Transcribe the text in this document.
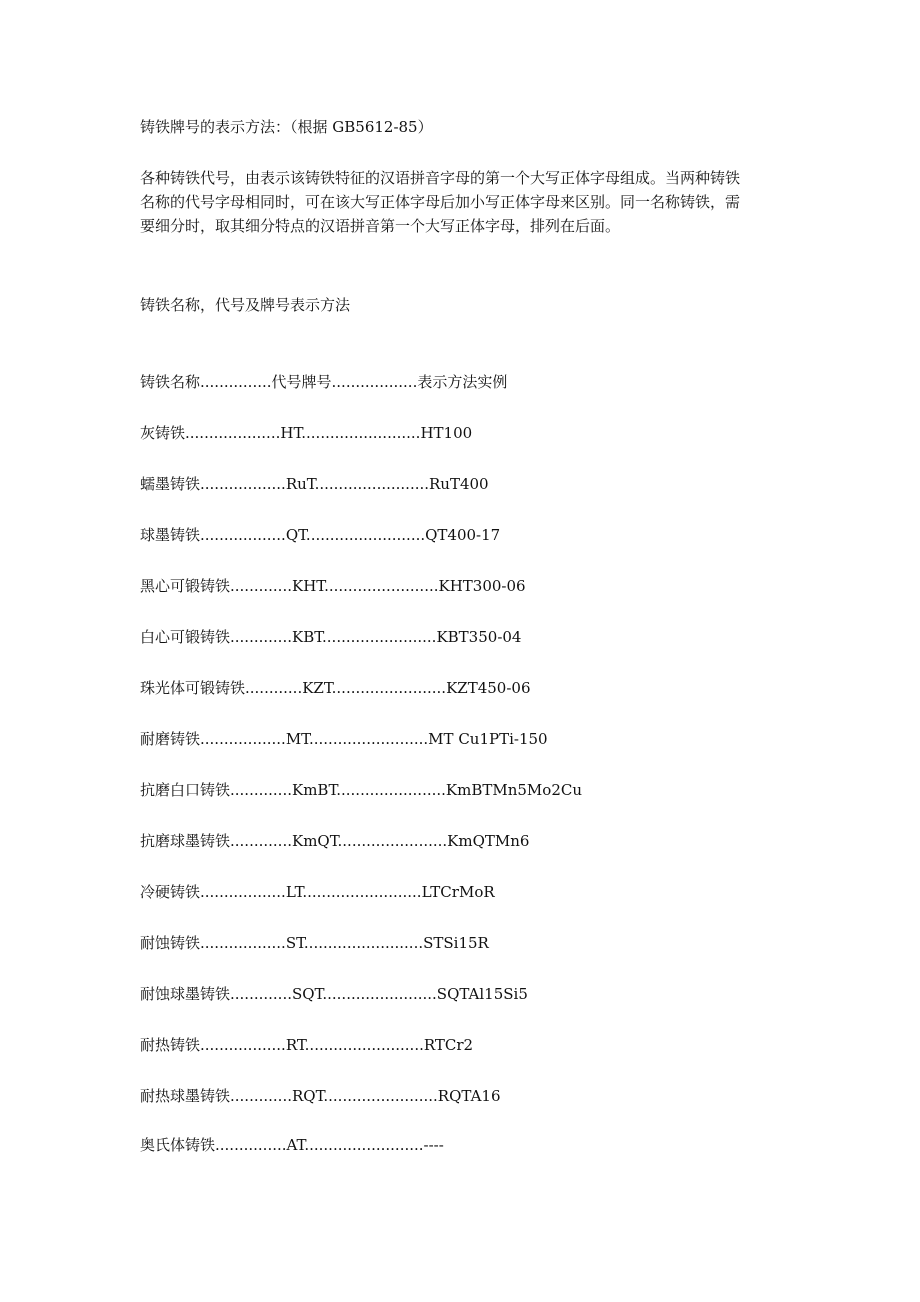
铸铁牌号的表示方法：（根据 GB5612-85）
各种铸铁代号，由表示该铸铁特征的汉语拼音字母的第一个大写正体字母组成。当两种铸铁
名称的代号字母相同时，可在该大写正体字母后加小写正体字母来区别。同一名称铸铁，需
要细分时，取其细分特点的汉语拼音第一个大写正体字母，排列在后面。
铸铁名称，代号及牌号表示方法
铸铁名称...............代号牌号..................表示方法实例
灰铸铁....................HT.........................HT100
蠕墨铸铁..................RuT........................RuT400
球墨铸铁..................QT.........................QT400-17
黑心可锻铸铁.............KHT........................KHT300-06
白心可锻铸铁.............KBT........................KBT350-04
珠光体可锻铸铁............KZT........................KZT450-06
耐磨铸铁..................MT.........................MT Cu1PTi-150
抗磨白口铸铁.............KmBT.......................KmBTMn5Mo2Cu
抗磨球墨铸铁.............KmQT.......................KmQTMn6
冷硬铸铁..................LT.........................LTCrMoR
耐蚀铸铁..................ST.........................STSi15R
耐蚀球墨铸铁.............SQT........................SQTAl15Si5
耐热铸铁..................RT.........................RTCr2
耐热球墨铸铁.............RQT........................RQTA16
奥氏体铸铁...............AT.........................----
